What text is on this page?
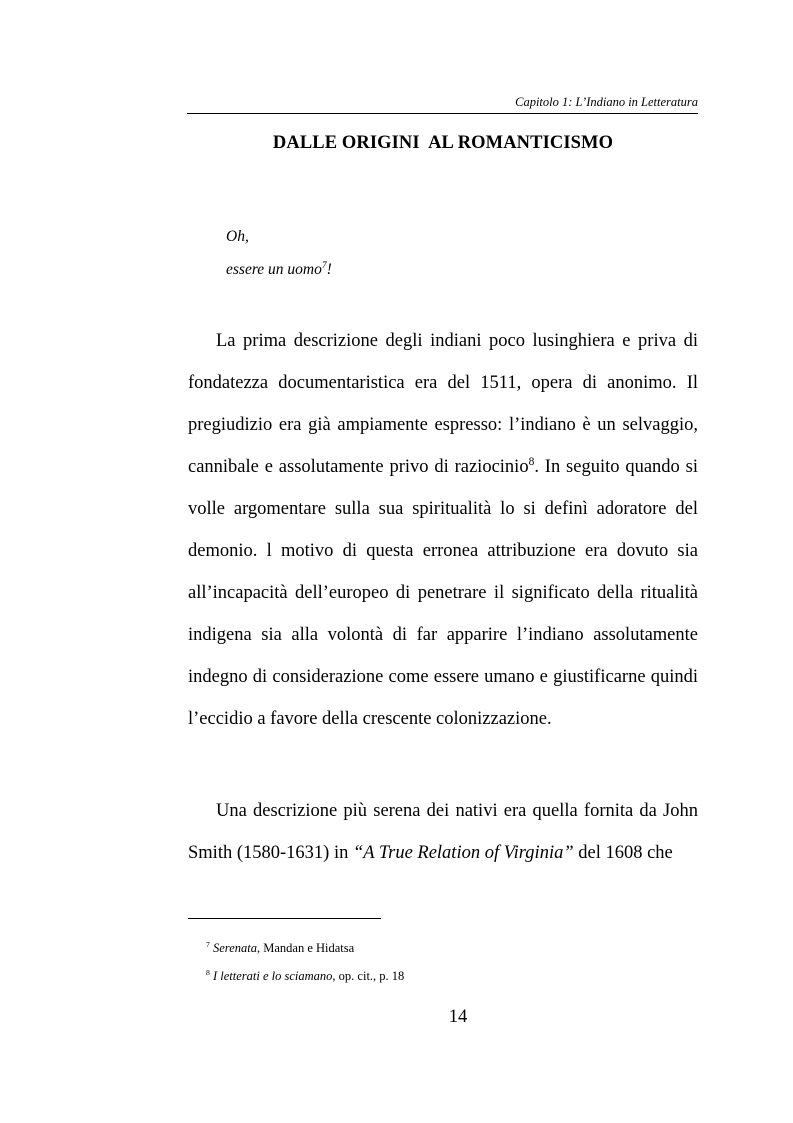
Capitolo 1: L’Indiano in Letteratura
DALLE ORIGINI  AL ROMANTICISMO
Oh,
essere un uomo$^7$!

La prima descrizione degli indiani poco lusinghiera e priva di fondatezza documentaristica era del 1511, opera di anonimo. Il pregiudizio era già ampiamente espresso: l’indiano è un selvaggio, cannibale e assolutamente privo di raziocinio$^8$. In seguito quando si volle argomentare sulla sua spiritualità lo si definì adoratore del demonio. l motivo di questa erronea attribuzione era dovuto sia all’incapacità dell’europeo di penetrare il significato della ritualità indigena sia alla volontà di far apparire l’indiano assolutamente indegno di considerazione come essere umano e giustificarne quindi l’eccidio a favore della crescente colonizzazione.

Una descrizione più serena dei nativi era quella fornita da John Smith (1580-1631) in “A True Relation of Virginia” del 1608 che

$^7$ Serenata, Mandan e Hidatsa
$^8$ I letterati e lo sciamano, op. cit., p. 18
14
